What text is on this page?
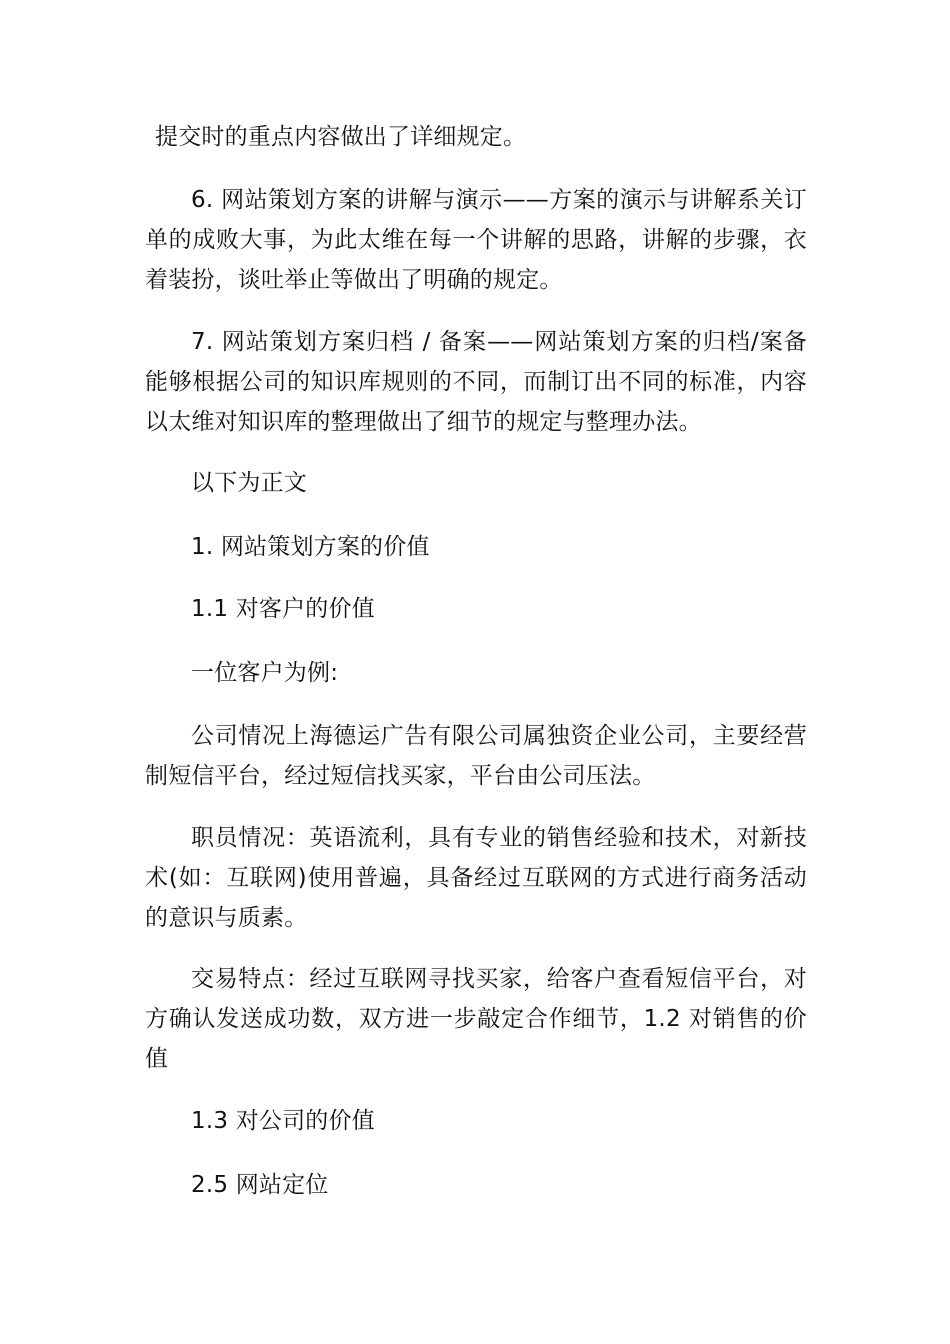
提交时的重点内容做出了详细规定。

6. 网站策划方案的讲解与演示——方案的演示与讲解系关订单的成败大事，为此太维在每一个讲解的思路，讲解的步骤，衣着装扮，谈吐举止等做出了明确的规定。

7. 网站策划方案归档 / 备案——网站策划方案的归档/案备能够根据公司的知识库规则的不同，而制订出不同的标准，内容以太维对知识库的整理做出了细节的规定与整理办法。

以下为正文

1. 网站策划方案的价值

1.1 对客户的价值

一位客户为例:

公司情况上海德运广告有限公司属独资企业公司，主要经营制短信平台，经过短信找买家，平台由公司压法。

职员情况：英语流利，具有专业的销售经验和技术，对新技术(如：互联网)使用普遍，具备经过互联网的方式进行商务活动的意识与质素。

交易特点：经过互联网寻找买家，给客户查看短信平台，对方确认发送成功数，双方进一步敲定合作细节，1.2 对销售的价值

1.3 对公司的价值

2.5 网站定位
